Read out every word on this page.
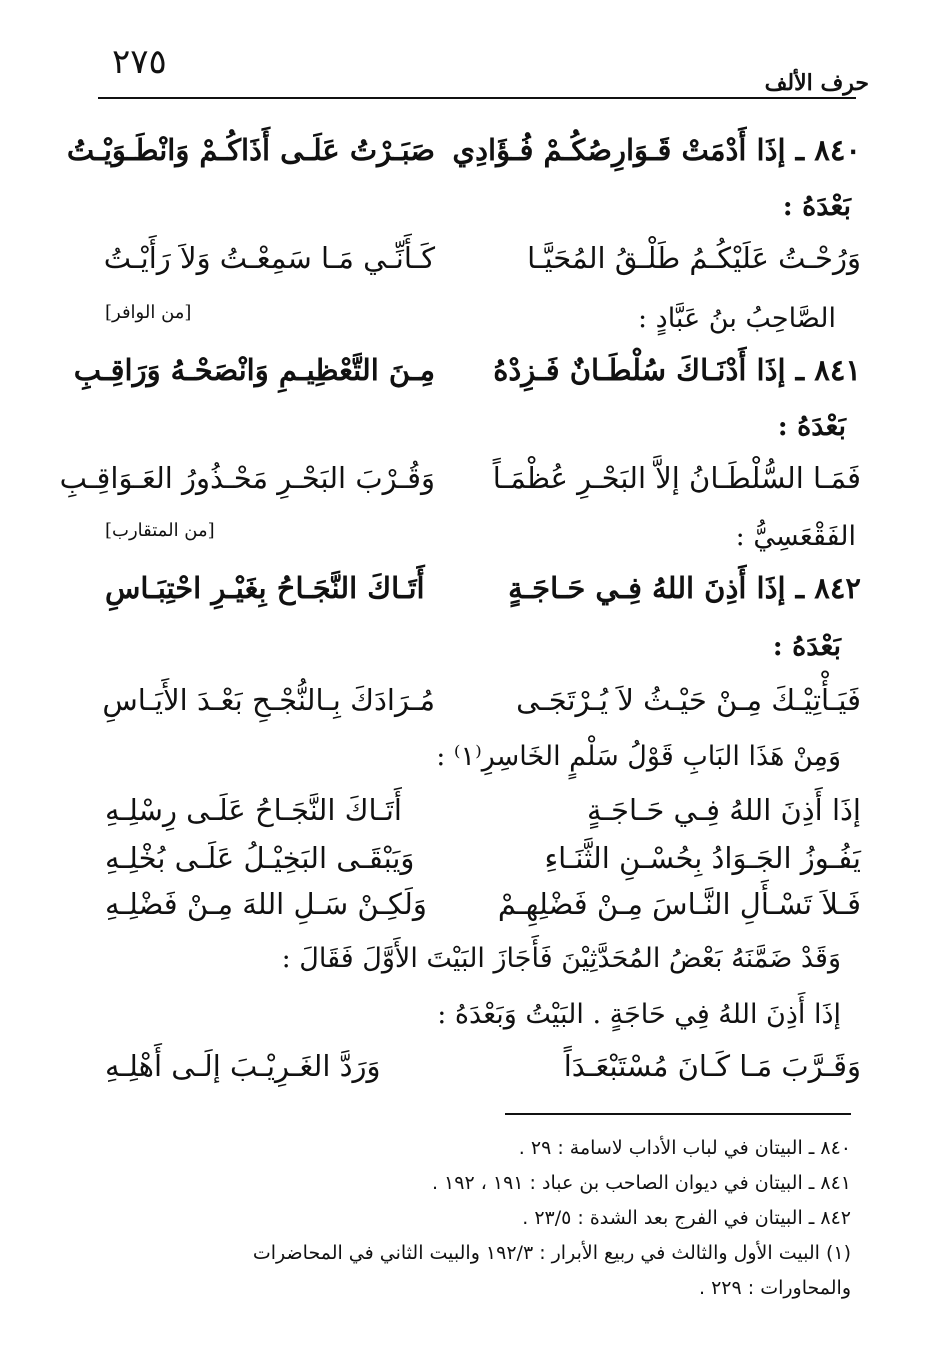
٢٧٥
حرف الألف
٨٤٠ ـ إذَا أَدْمَتْ قَـوَارِصُكُـمْ فُـؤَادِي
صَبَـرْتُ عَلَـى أَذَاكُـمْ وَانْطَـوَيْـتُ
بَعْدَهُ :
وَرُحْـتُ عَلَيْكُـمُ طَلْـقُ المُحَيَّـا
كَـأَنِّـي مَـا سَمِعْـتُ وَلاَ رَأَيْـتُ
الصَّاحِبُ بنُ عَبَّادٍ :
[من الوافر]
٨٤١ ـ إذَا أَدْنَـاكَ سُلْطَـانٌ فَـزِدْهُ
مِـنَ التَّعْظِيـمِ وَانْصَحْـهُ وَرَاقِـبِ
بَعْدَهُ :
فَمَـا السُّلْطَـانُ إلاَّ البَحْـرِ عُظْمَـاً
وَقُـرْبَ البَحْـرِ مَحْـذُورُ العَـوَاقِـبِ
الفَقْعَسِيُّ :
[من المتقارب]
٨٤٢ ـ إذَا أَذِنَ اللهُ فِـي حَـاجَـةٍ
أَتَـاكَ النَّجَـاحُ بِغَيْـرِ احْتِبَـاسِ
بَعْدَهُ :
فَيَـأْتِيْـكَ مِـنْ حَيْـثُ لاَ يُـرْتَجَـى
مُـرَادَكَ بِـالنُّجْـحِ بَعْـدَ الأَيَـاسِ
وَمِنْ هَذَا البَابِ قَوْلُ سَلْمٍ الخَاسِرِ⁽١⁾ :
إذَا أَذِنَ اللهُ فِـي حَـاجَـةٍ
أَتَـاكَ النَّجَـاحُ عَلَـى رِسْلِـهِ
يَفُـوزُ الجَـوَادُ بِحُسْـنِ الثَّنَـاءِ
وَيَبْقَـى البَخِيْـلُ عَلَـى بُخْلِـهِ
فَـلاَ تَسْـأَلِ النَّـاسَ مِـنْ فَضْلِهِـمْ
وَلَكِـنْ سَـلِ اللهَ مِـنْ فَضْلِـهِ
وَقَدْ ضَمَّنَهُ بَعْضُ المُحَدَّثِيْنَ فَأَجَازَ البَيْتَ الأَوَّلَ فَقَالَ :
إذَا أَذِنَ اللهُ فِي حَاجَةٍ . البَيْتُ وَبَعْدَهُ :
وَقَـرَّبَ مَـا كَـانَ مُسْتَبْعَـدَاً
وَرَدَّ الغَـرِيْـبَ إلَـى أَهْلِـهِ
٨٤٠ ـ البيتان في لباب الأداب لاسامة : ٢٩ .
٨٤١ ـ البيتان في ديوان الصاحب بن عباد : ١٩١ ، ١٩٢ .
٨٤٢ ـ البيتان في الفرج بعد الشدة : ٢٣/٥ .
(١) البيت الأول والثالث في ربيع الأبرار : ١٩٢/٣ والبيت الثاني في المحاضرات
والمحاورات : ٢٢٩ .
